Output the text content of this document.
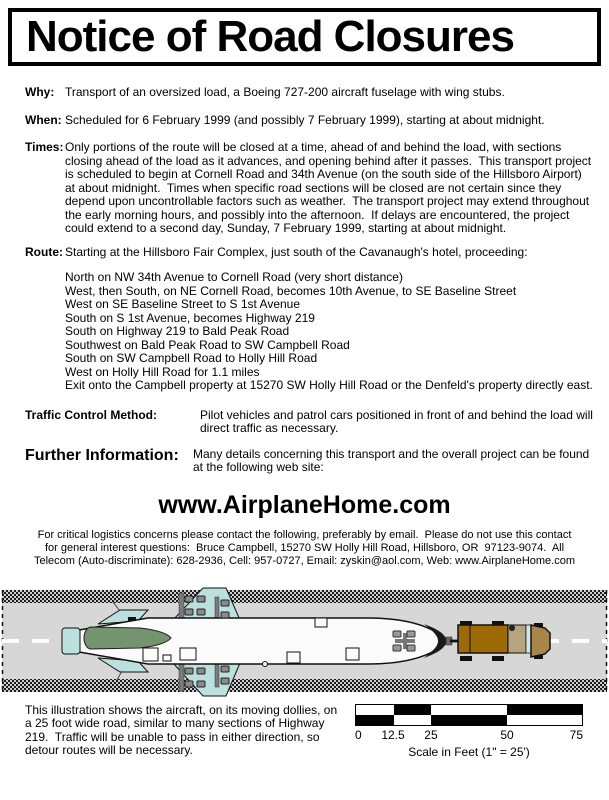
Notice of Road Closures
Why: Transport of an oversized load, a Boeing 727-200 aircraft fuselage with wing stubs.
When: Scheduled for 6 February 1999 (and possibly 7 February 1999), starting at about midnight.
Times: Only portions of the route will be closed at a time, ahead of and behind the load, with sections closing ahead of the load as it advances, and opening behind after it passes.  This transport project is scheduled to begin at Cornell Road and 34th Avenue (on the south side of the Hillsboro Airport) at about midnight.  Times when specific road sections will be closed are not certain since they depend upon uncontrollable factors such as weather.  The transport project may extend throughout the early morning hours, and possibly into the afternoon.  If delays are encountered, the project could extend to a second day, Sunday, 7 February 1999, starting at about midnight.
Route: Starting at the Hillsboro Fair Complex, just south of the Cavanaugh's hotel, proceeding:
North on NW 34th Avenue to Cornell Road (very short distance)
West, then South, on NE Cornell Road, becomes 10th Avenue, to SE Baseline Street
West on SE Baseline Street to S 1st Avenue
South on S 1st Avenue, becomes Highway 219
South on Highway 219 to Bald Peak Road
Southwest on Bald Peak Road to SW Campbell Road
South on SW Campbell Road to Holly Hill Road
West on Holly Hill Road for 1.1 miles
Exit onto the Campbell property at 15270 SW Holly Hill Road or the Denfeld's property directly east.
Traffic Control Method:	Pilot vehicles and patrol cars positioned in front of and behind the load will direct traffic as necessary.
Further Information:	Many details concerning this transport and the overall project can be found at the following web site:
www.AirplaneHome.com
For critical logistics concerns please contact the following, preferably by email.  Please do not use this contact
for general interest questions:  Bruce Campbell, 15270 SW Holly Hill Road, Hillsboro, OR  97123-9074.  All
Telecom (Auto-discriminate): 628-2936, Cell: 957-0727, Email: zyskin@aol.com, Web: www.AirplaneHome.com
This illustration shows the aircraft, on its moving dollies, on a 25 foot wide road, similar to many sections of Highway 219.  Traffic will be unable to pass in either direction, so detour routes will be necessary.
0 12.5 25	50	75
Scale in Feet (1" = 25')
